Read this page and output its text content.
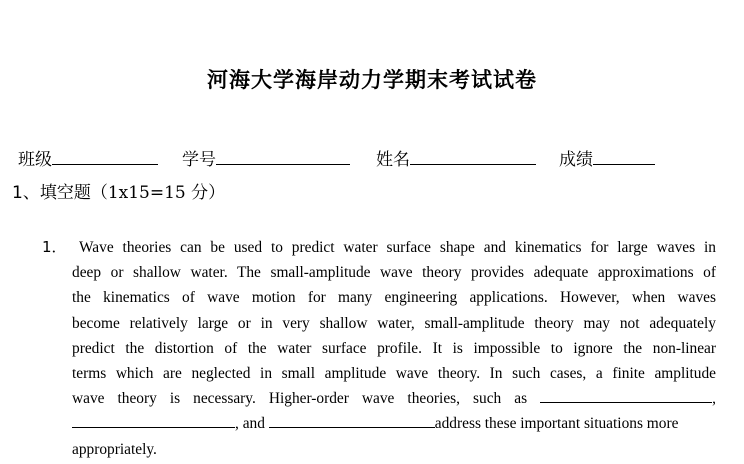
河海大学海岸动力学期末考试试卷
班级	学号	姓名	成绩
1、填空题（1x15=15 分）
1． Wave theories can be used to predict water surface shape and kinematics for large waves in
deep or shallow water. The small-amplitude wave theory provides adequate approximations of
the kinematics of wave motion for many engineering applications. However, when waves
become relatively large or in very shallow water, small-amplitude theory may not adequately
predict the distortion of the water surface profile. It is impossible to ignore the non-linear
terms which are neglected in small amplitude wave theory. In such cases, a finite amplitude
wave theory is necessary. Higher-order wave theories, such as	,
, and	address these important situations more
appropriately.
